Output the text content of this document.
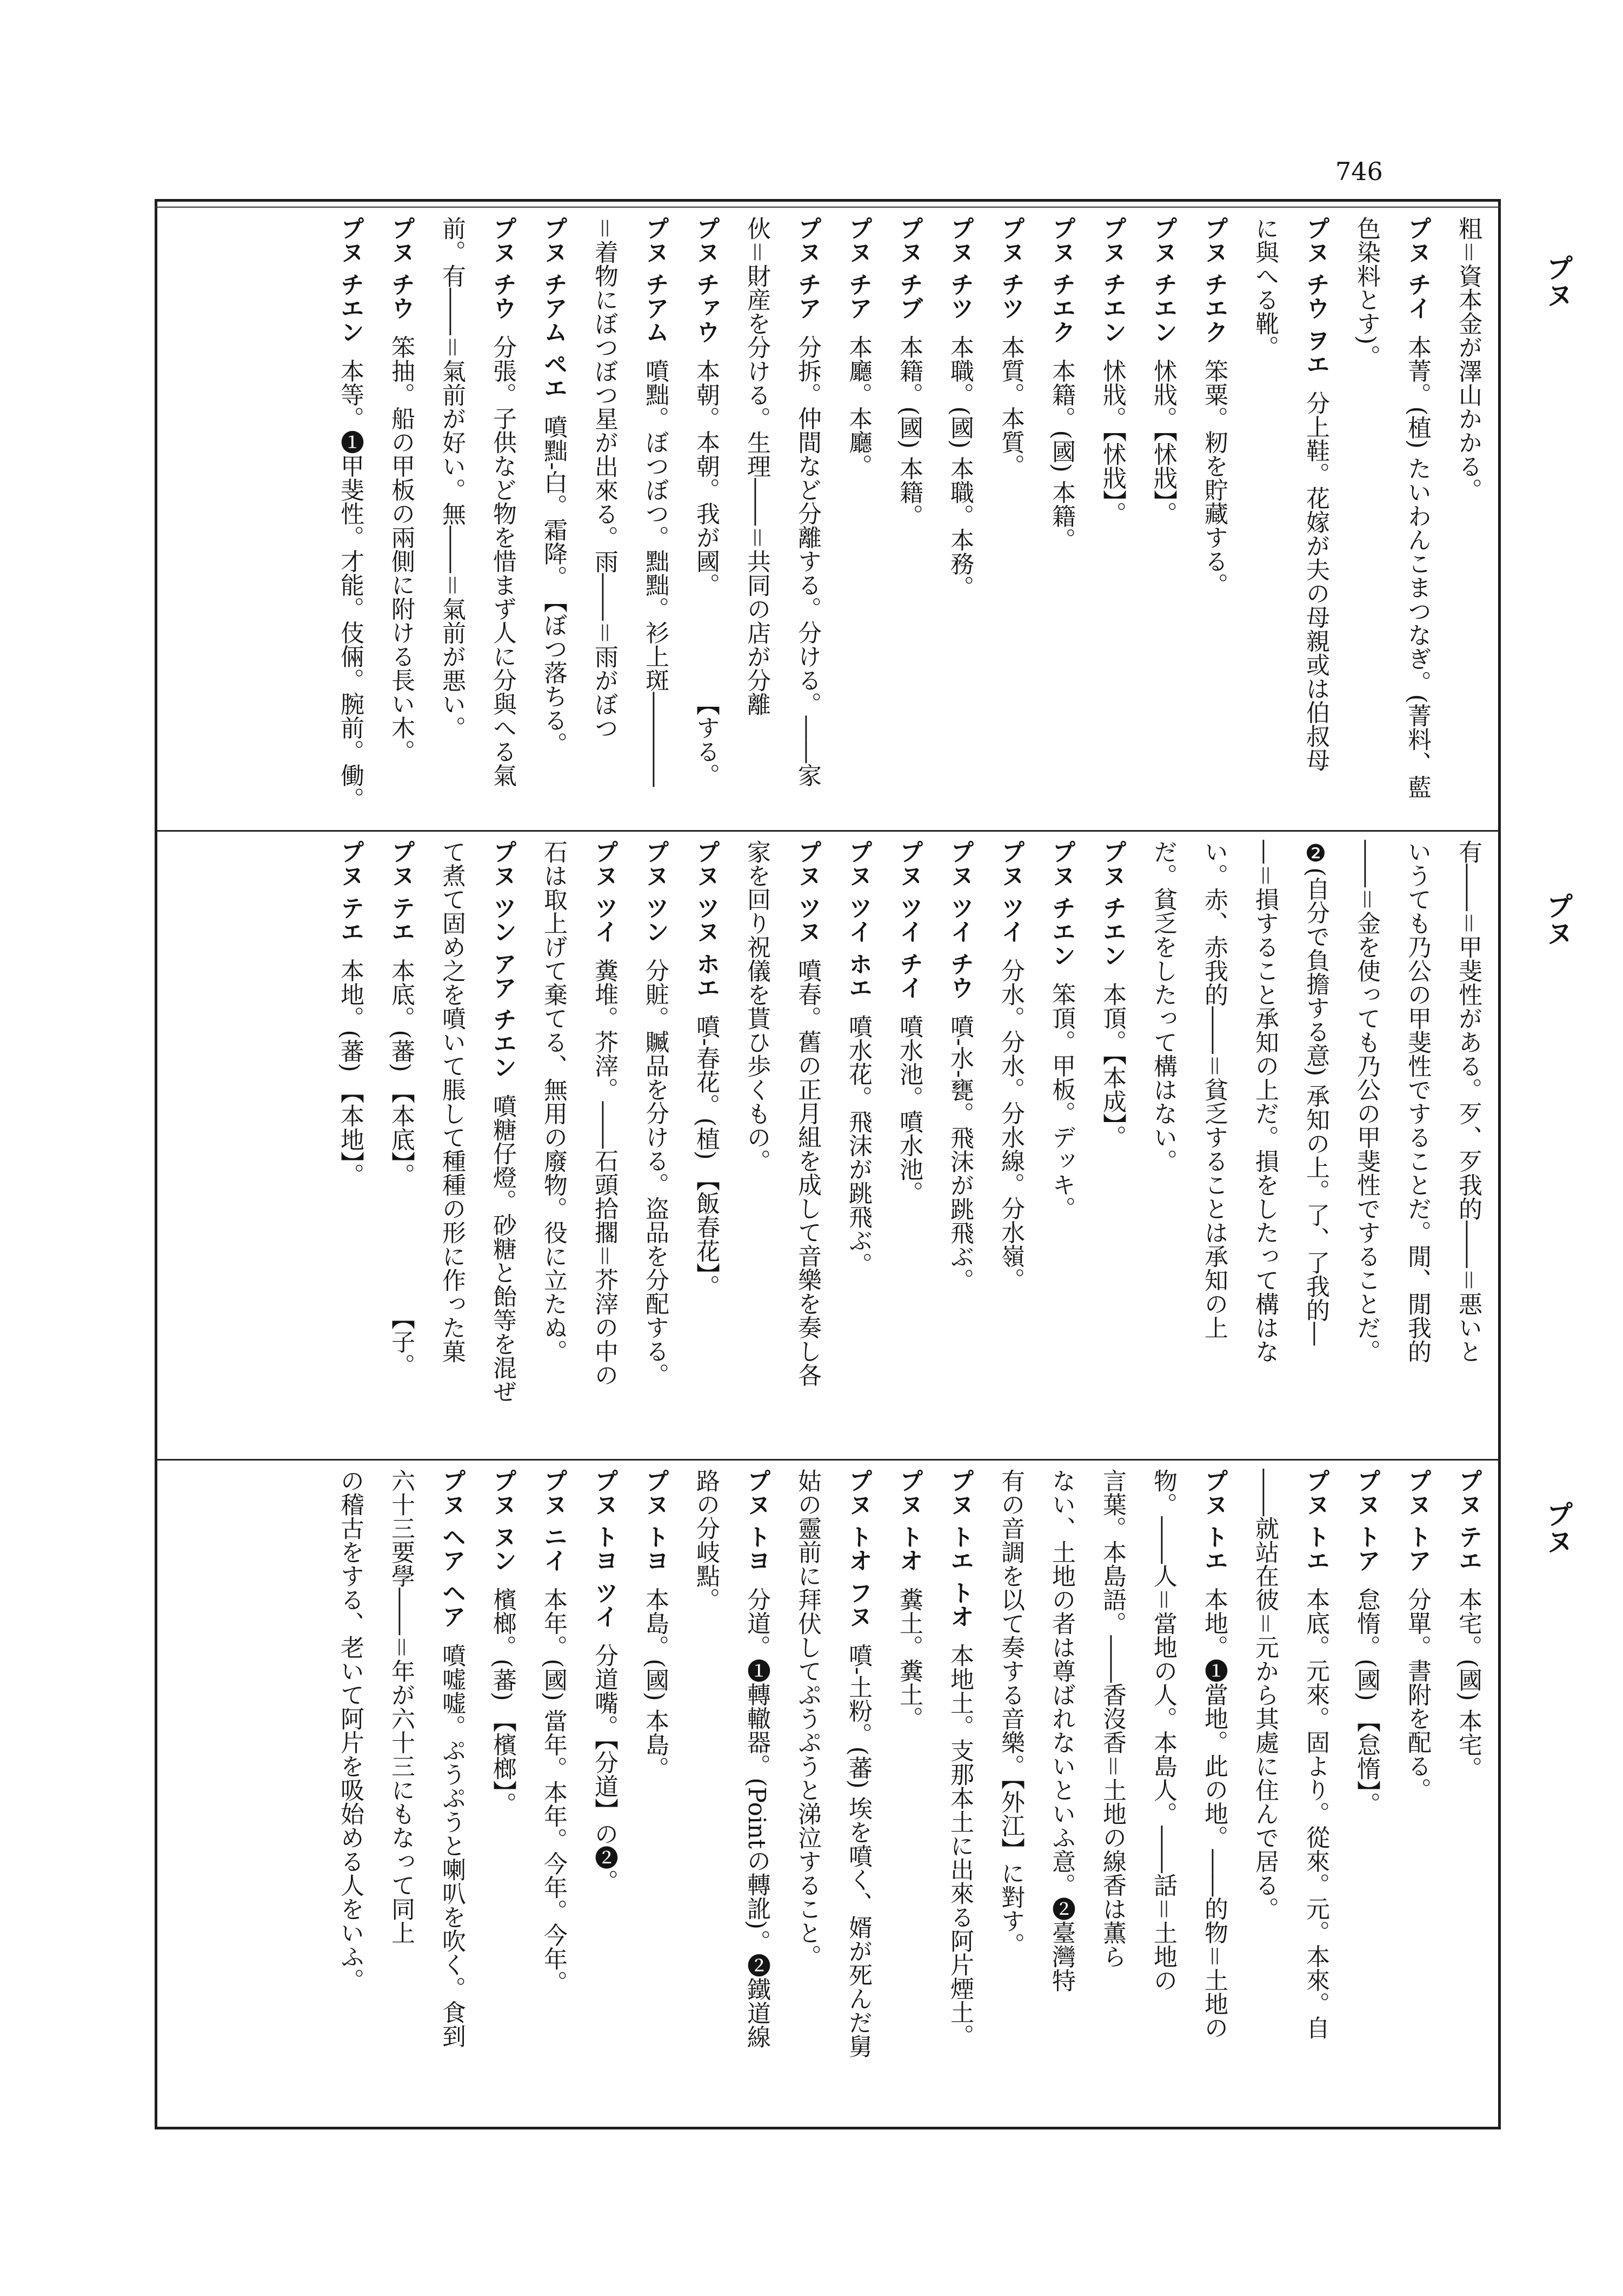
746
プヌ
プヌ
プヌ
粗＝資本金が澤山かかる。
プヌ チイ本菁。(植) たいわんこまつなぎ。(菁料、藍
色染料とす)。
プヌ チウ ヲエ分上鞋。花嫁が夫の母親或は伯叔母
に與へる靴。
プヌ チエク笨粟。籾を貯藏する。
プヌ チエン怵戕。【怵戕】。
プヌ チエン怵戕。【怵戕】。
プヌ チエク本籍。(國) 本籍。
プヌ チツ本質。本質。
プヌ チツ本職。(國) 本職。本務。
プヌ チブ本籍。(國) 本籍。
プヌ チア本廳。本廳。
プヌ チア分拆。仲間など分離する。分ける。――家
伙＝財産を分ける。生理――＝共同の店が分離
プヌ チァウ本朝。本朝。我が國。　　　　　【する。
プヌ チアム噴黜。ぼつぼつ。黜黜。衫上斑――――
＝着物にぼつぼつ星が出來る。雨――＝雨がぼつ
プヌ チアム ペエ噴黜-白。霜降。　【ぼつ落ちる。
プヌ チウ分張。子供など物を惜まず人に分與へる氣
前。有――＝氣前が好い。無――＝氣前が悪い。
プヌ チウ笨抽。船の甲板の兩側に附ける長い木。
プヌ チエン本等。❶甲斐性。才能。伎倆。腕前。働。
有――＝甲斐性がある。歹、歹我的――＝悪いと
いうても乃公の甲斐性ですることだ。閒、閒我的
――＝金を使っても乃公の甲斐性ですることだ。
❷(自分で負擔する意) 承知の上。了、了我的―
―＝損すること承知の上だ。損をしたって構はな
い。赤、赤我的――＝貧乏することは承知の上
だ。貧乏をしたって構はない。
プヌ チエン本頂。【本成】。
プヌ チエン笨頂。甲板。デッキ。
プヌ ツイ分水。分水。分水線。分水嶺。
プヌ ツイ チウ噴-水-甕。飛沫が跳飛ぶ。
プヌ ツイ チイ噴水池。噴水池。
プヌ ツイ ホエ噴水花。飛沫が跳飛ぶ。
プヌ ツヌ噴春。舊の正月組を成して音樂を奏し各
家を回り祝儀を貰ひ歩くもの。
プヌ ツヌ ホエ噴-春花。(植) 【飯春花】。
プヌ ツン分賍。贓品を分ける。盗品を分配する。
プヌ ツイ糞堆。芥滓。――石頭拾擱＝芥滓の中の
石は取上げて棄てる、無用の廢物。役に立たぬ。
プヌ ツン アア チエン噴糖仔燈。砂糖と飴等を混ぜ
て煮て固め之を噴いて脹して種種の形に作った菓
プヌ テエ本底。(蕃) 【本底】。　　　　　　【子。
プヌ テエ本地。(蕃) 【本地】。
プヌ テエ本宅。(國) 本宅。
プヌ トア分單。書附を配る。
プヌ トア怠惰。(國) 【怠惰】。
プヌ トエ本底。元來。固より。從來。元。本來。自
――就站在彼＝元から其處に住んで居る。
プヌ トエ本地。❶當地。此の地。――的物＝土地の
物。――人＝當地の人。本島人。――話＝土地の
言葉。本島語。――香沒香＝土地の線香は薫ら
ない、土地の者は尊ばれないといふ意。❷臺灣特
有の音調を以て奏する音樂。【外江】に對す。
プヌ トエ トオ本地土。支那本土に出來る阿片煙土。
プヌ トオ糞土。糞土。
プヌ トオ フヌ噴-土粉。(蕃) 埃を噴く、婿が死んだ舅
姑の靈前に拜伏してぷうぷうと涕泣すること。
プヌ トヨ分道。❶轉轍器。(Pointの轉訛)。❷鐵道線
路の分岐點。
プヌ トヨ本島。(國) 本島。
プヌ トヨ ツイ分道嘴。【分道】の❷。
プヌ ニイ本年。(國) 當年。本年。今年。今年。
プヌ ヌン檳榔。(蕃) 【檳榔】。
プヌ ヘア ヘア噴嘘嘘。ぷうぷうと喇叭を吹く。食到
六十三要學――＝年が六十三にもなって同上
の稽古をする、老いて阿片を吸始める人をいふ。
